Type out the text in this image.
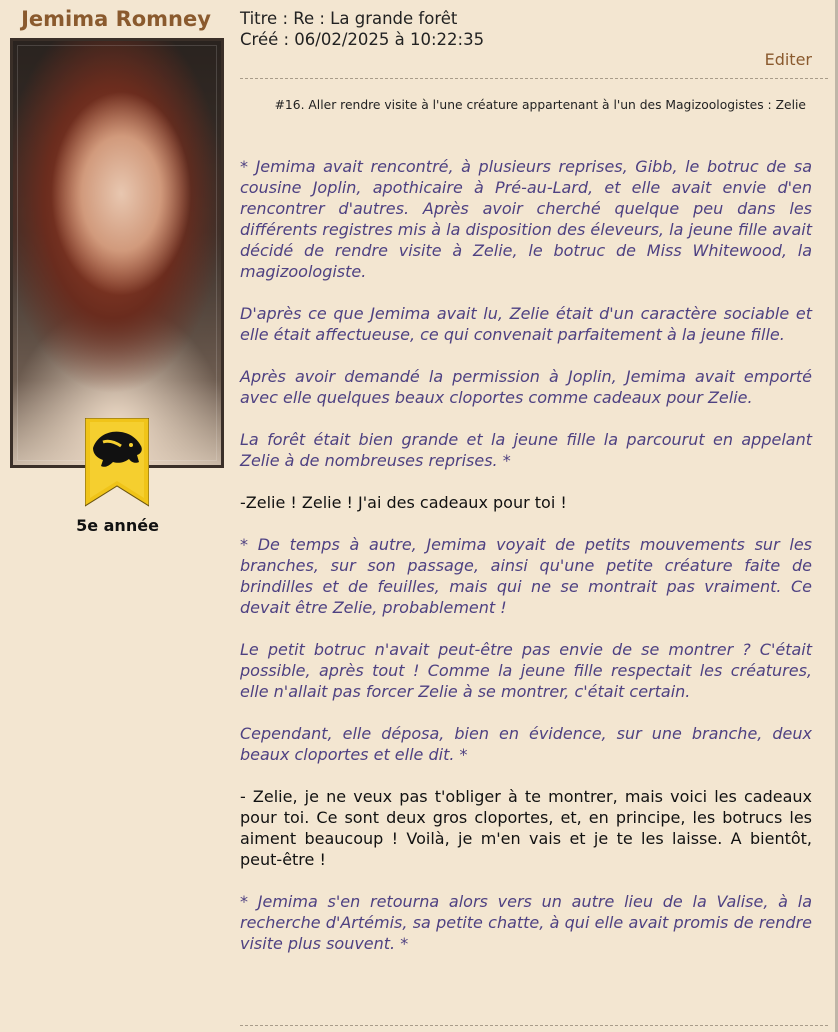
Jemima Romney
5e année
Titre : Re : La grande forêt
Créé : 06/02/2025 à 10:22:35
Editer
#16. Aller rendre visite à l'une créature appartenant à l'un des Magizoologistes : Zelie

* Jemima avait rencontré, à plusieurs reprises, Gibb, le botruc de sa cousine Joplin, apothicaire à Pré-au-Lard, et elle avait envie d'en rencontrer d'autres. Après avoir cherché quelque peu dans les différents registres mis à la disposition des éleveurs, la jeune fille avait décidé de rendre visite à Zelie, le botruc de Miss Whitewood, la magizoologiste.

D'après ce que Jemima avait lu, Zelie était d'un caractère sociable et elle était affectueuse, ce qui convenait parfaitement à la jeune fille.

Après avoir demandé la permission à Joplin, Jemima avait emporté avec elle quelques beaux cloportes comme cadeaux pour Zelie.

La forêt était bien grande et la jeune fille la parcourut en appelant Zelie à de nombreuses reprises. *

-Zelie ! Zelie ! J'ai des cadeaux pour toi !

* De temps à autre, Jemima voyait de petits mouvements sur les branches, sur son passage, ainsi qu'une petite créature faite de brindilles et de feuilles, mais qui ne se montrait pas vraiment. Ce devait être Zelie, probablement !

Le petit botruc n'avait peut-être pas envie de se montrer ? C'était possible, après tout ! Comme la jeune fille respectait les créatures, elle n'allait pas forcer Zelie à se montrer, c'était certain.

Cependant, elle déposa, bien en évidence, sur une branche, deux beaux cloportes et elle dit. *

- Zelie, je ne veux pas t'obliger à te montrer, mais voici les cadeaux pour toi. Ce sont deux gros cloportes, et, en principe, les botrucs les aiment beaucoup ! Voilà, je m'en vais et je te les laisse. A bientôt, peut-être !

* Jemima s'en retourna alors vers un autre lieu de la Valise, à la recherche d'Artémis, sa petite chatte, à qui elle avait promis de rendre visite plus souvent. *
